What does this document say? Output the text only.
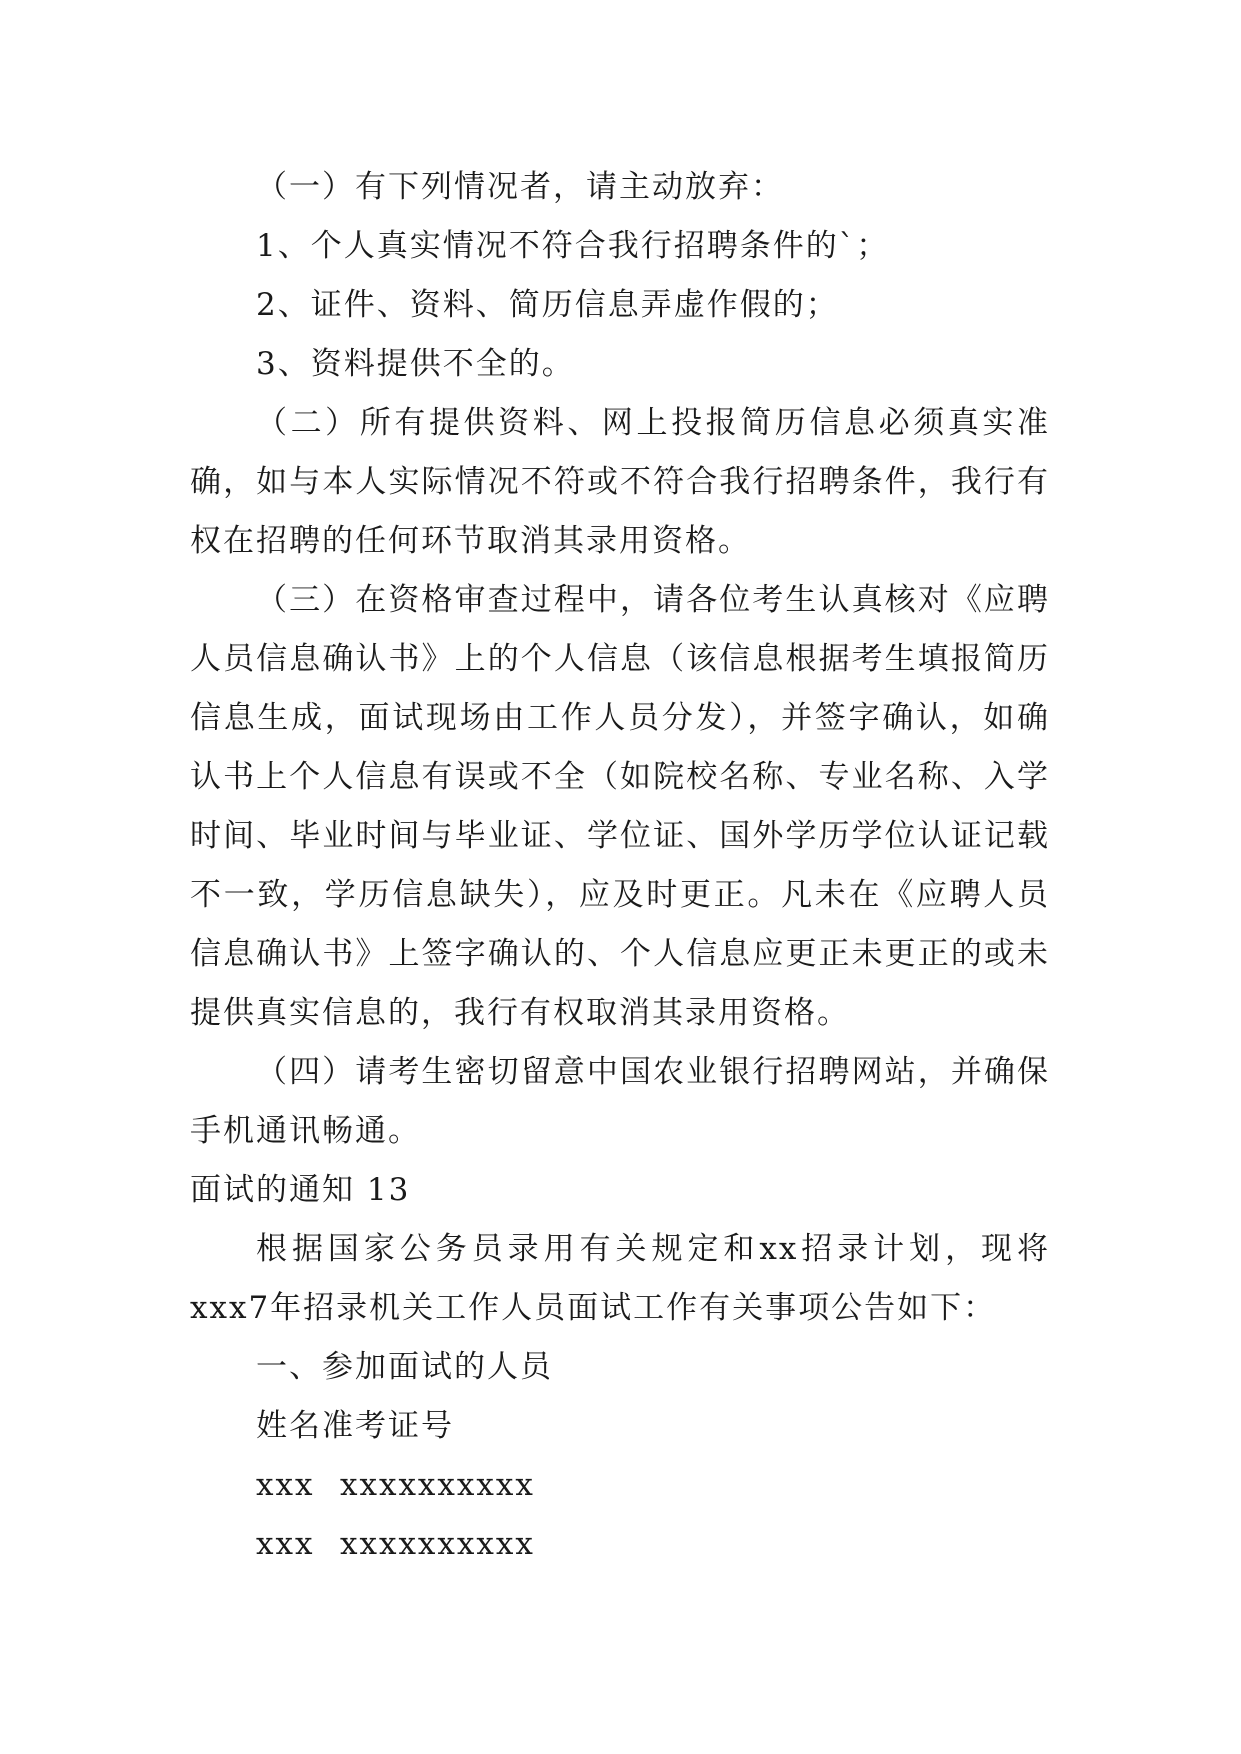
（一）有下列情况者，请主动放弃：

1、个人真实情况不符合我行招聘条件的`；

2、证件、资料、简历信息弄虚作假的；

3、资料提供不全的。

（二）所有提供资料、网上投报简历信息必须真实准确，如与本人实际情况不符或不符合我行招聘条件，我行有权在招聘的任何环节取消其录用资格。

（三）在资格审查过程中，请各位考生认真核对《应聘人员信息确认书》上的个人信息（该信息根据考生填报简历信息生成，面试现场由工作人员分发），并签字确认，如确认书上个人信息有误或不全（如院校名称、专业名称、入学时间、毕业时间与毕业证、学位证、国外学历学位认证记载不一致，学历信息缺失），应及时更正。凡未在《应聘人员信息确认书》上签字确认的、个人信息应更正未更正的或未提供真实信息的，我行有权取消其录用资格。

（四）请考生密切留意中国农业银行招聘网站，并确保手机通讯畅通。

面试的通知 13

根据国家公务员录用有关规定和xx招录计划，现将xxx7年招录机关工作人员面试工作有关事项公告如下：

一、参加面试的人员

姓名准考证号

xxx xxxxxxxxxx
xxx xxxxxxxxxx
